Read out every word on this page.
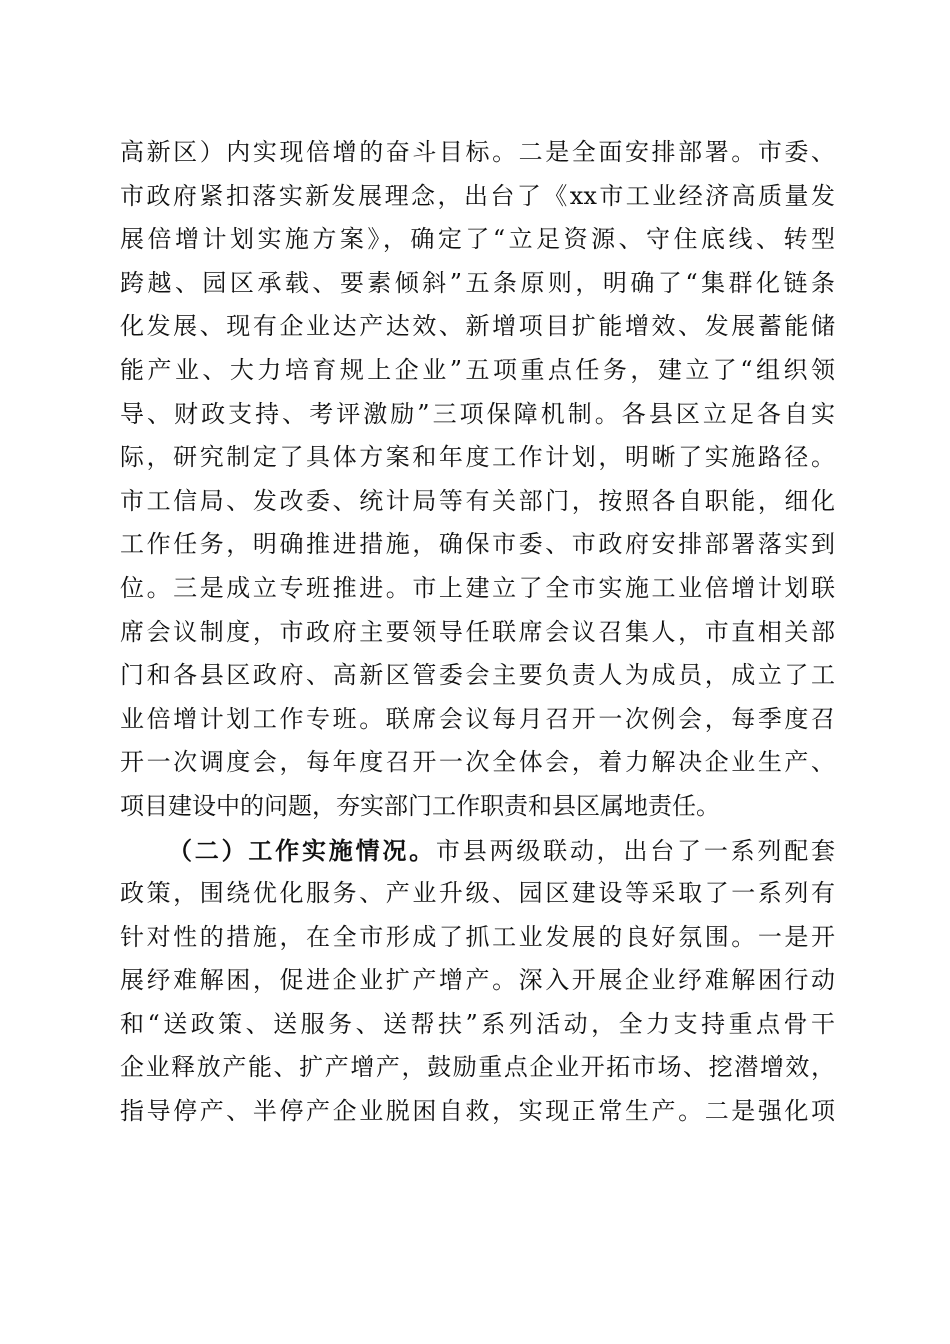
高新区）内实现倍增的奋斗目标。二是全面安排部署。市委、
市政府紧扣落实新发展理念，出台了《xx市工业经济高质量发
展倍增计划实施方案》，确定了“立足资源、守住底线、转型
跨越、园区承载、要素倾斜”五条原则，明确了“集群化链条
化发展、现有企业达产达效、新增项目扩能增效、发展蓄能储
能产业、大力培育规上企业”五项重点任务，建立了“组织领
导、财政支持、考评激励”三项保障机制。各县区立足各自实
际，研究制定了具体方案和年度工作计划，明晰了实施路径。
市工信局、发改委、统计局等有关部门，按照各自职能，细化
工作任务，明确推进措施，确保市委、市政府安排部署落实到
位。三是成立专班推进。市上建立了全市实施工业倍增计划联
席会议制度，市政府主要领导任联席会议召集人，市直相关部
门和各县区政府、高新区管委会主要负责人为成员，成立了工
业倍增计划工作专班。联席会议每月召开一次例会，每季度召
开一次调度会，每年度召开一次全体会，着力解决企业生产、
项目建设中的问题，夯实部门工作职责和县区属地责任。
（二）工作实施情况。市县两级联动，出台了一系列配套
政策，围绕优化服务、产业升级、园区建设等采取了一系列有
针对性的措施，在全市形成了抓工业发展的良好氛围。一是开
展纾难解困，促进企业扩产增产。深入开展企业纾难解困行动
和“送政策、送服务、送帮扶”系列活动，全力支持重点骨干
企业释放产能、扩产增产，鼓励重点企业开拓市场、挖潜增效，
指导停产、半停产企业脱困自救，实现正常生产。二是强化项
